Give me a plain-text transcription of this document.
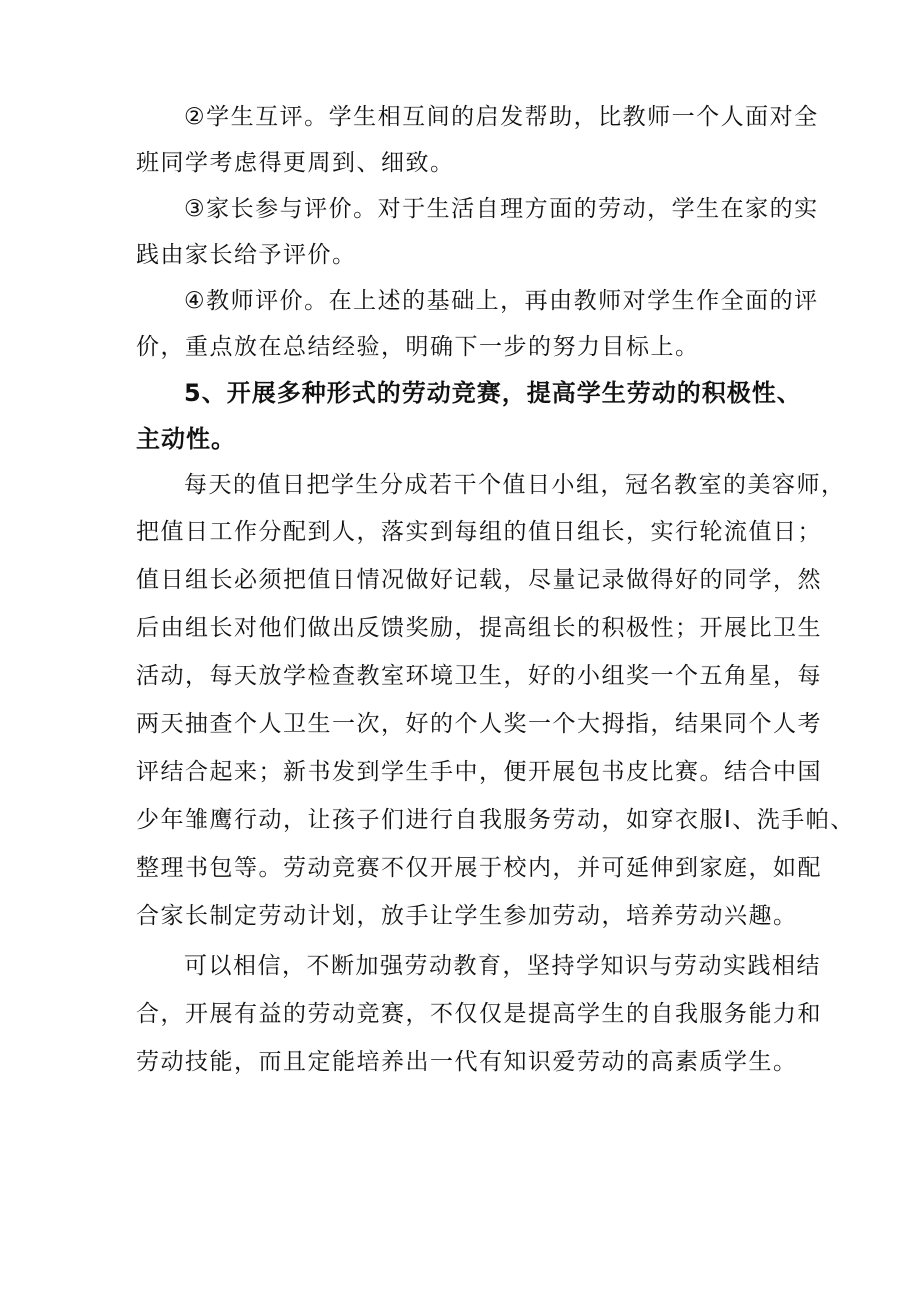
②学生互评。学生相互间的启发帮助，比教师一个人面对全
班同学考虑得更周到、细致。
③家长参与评价。对于生活自理方面的劳动，学生在家的实
践由家长给予评价。
④教师评价。在上述的基础上，再由教师对学生作全面的评
价，重点放在总结经验，明确下一步的努力目标上。
5、开展多种形式的劳动竞赛，提高学生劳动的积极性、
主动性。
每天的值日把学生分成若干个值日小组，冠名教室的美容师，
把值日工作分配到人，落实到每组的值日组长，实行轮流值日；
值日组长必须把值日情况做好记载，尽量记录做得好的同学，然
后由组长对他们做出反馈奖励，提高组长的积极性；开展比卫生
活动，每天放学检查教室环境卫生，好的小组奖一个五角星，每
两天抽查个人卫生一次，好的个人奖一个大拇指，结果同个人考
评结合起来；新书发到学生手中，便开展包书皮比赛。结合中国
少年雏鹰行动，让孩子们进行自我服务劳动，如穿衣服Ⅰ、洗手帕、
整理书包等。劳动竞赛不仅开展于校内，并可延伸到家庭，如配
合家长制定劳动计划，放手让学生参加劳动，培养劳动兴趣。
可以相信，不断加强劳动教育，坚持学知识与劳动实践相结
合，开展有益的劳动竞赛，不仅仅是提高学生的自我服务能力和
劳动技能，而且定能培养出一代有知识爱劳动的高素质学生。
